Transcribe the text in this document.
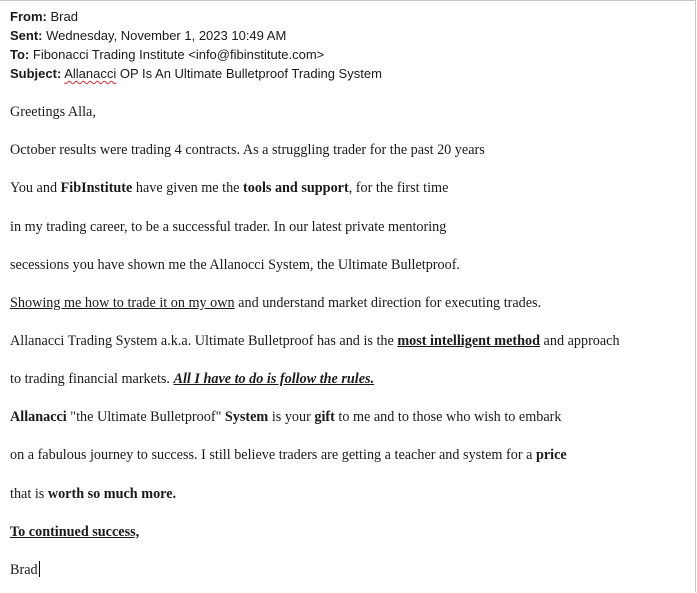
From: Brad
Sent: Wednesday, November 1, 2023 10:49 AM
To: Fibonacci Trading Institute <info@fibinstitute.com>
Subject: Allanacci OP Is An Ultimate Bulletproof Trading System
Greetings Alla,
October results were trading 4 contracts. As a struggling trader for the past 20 years
You and FibInstitute have given me the tools and support, for the first time
in my trading career, to be a successful trader. In our latest private mentoring
secessions you have shown me the Allanocci System, the Ultimate Bulletproof.
Showing me how to trade it on my own and understand market direction for executing trades.
Allanacci Trading System a.k.a. Ultimate Bulletproof has and is the most intelligent method and approach
to trading financial markets. All I have to do is follow the rules.
Allanacci "the Ultimate Bulletproof" System is your gift to me and to those who wish to embark
on a fabulous journey to success. I still believe traders are getting a teacher and system for a price
that is worth so much more.
To continued success,
Brad
